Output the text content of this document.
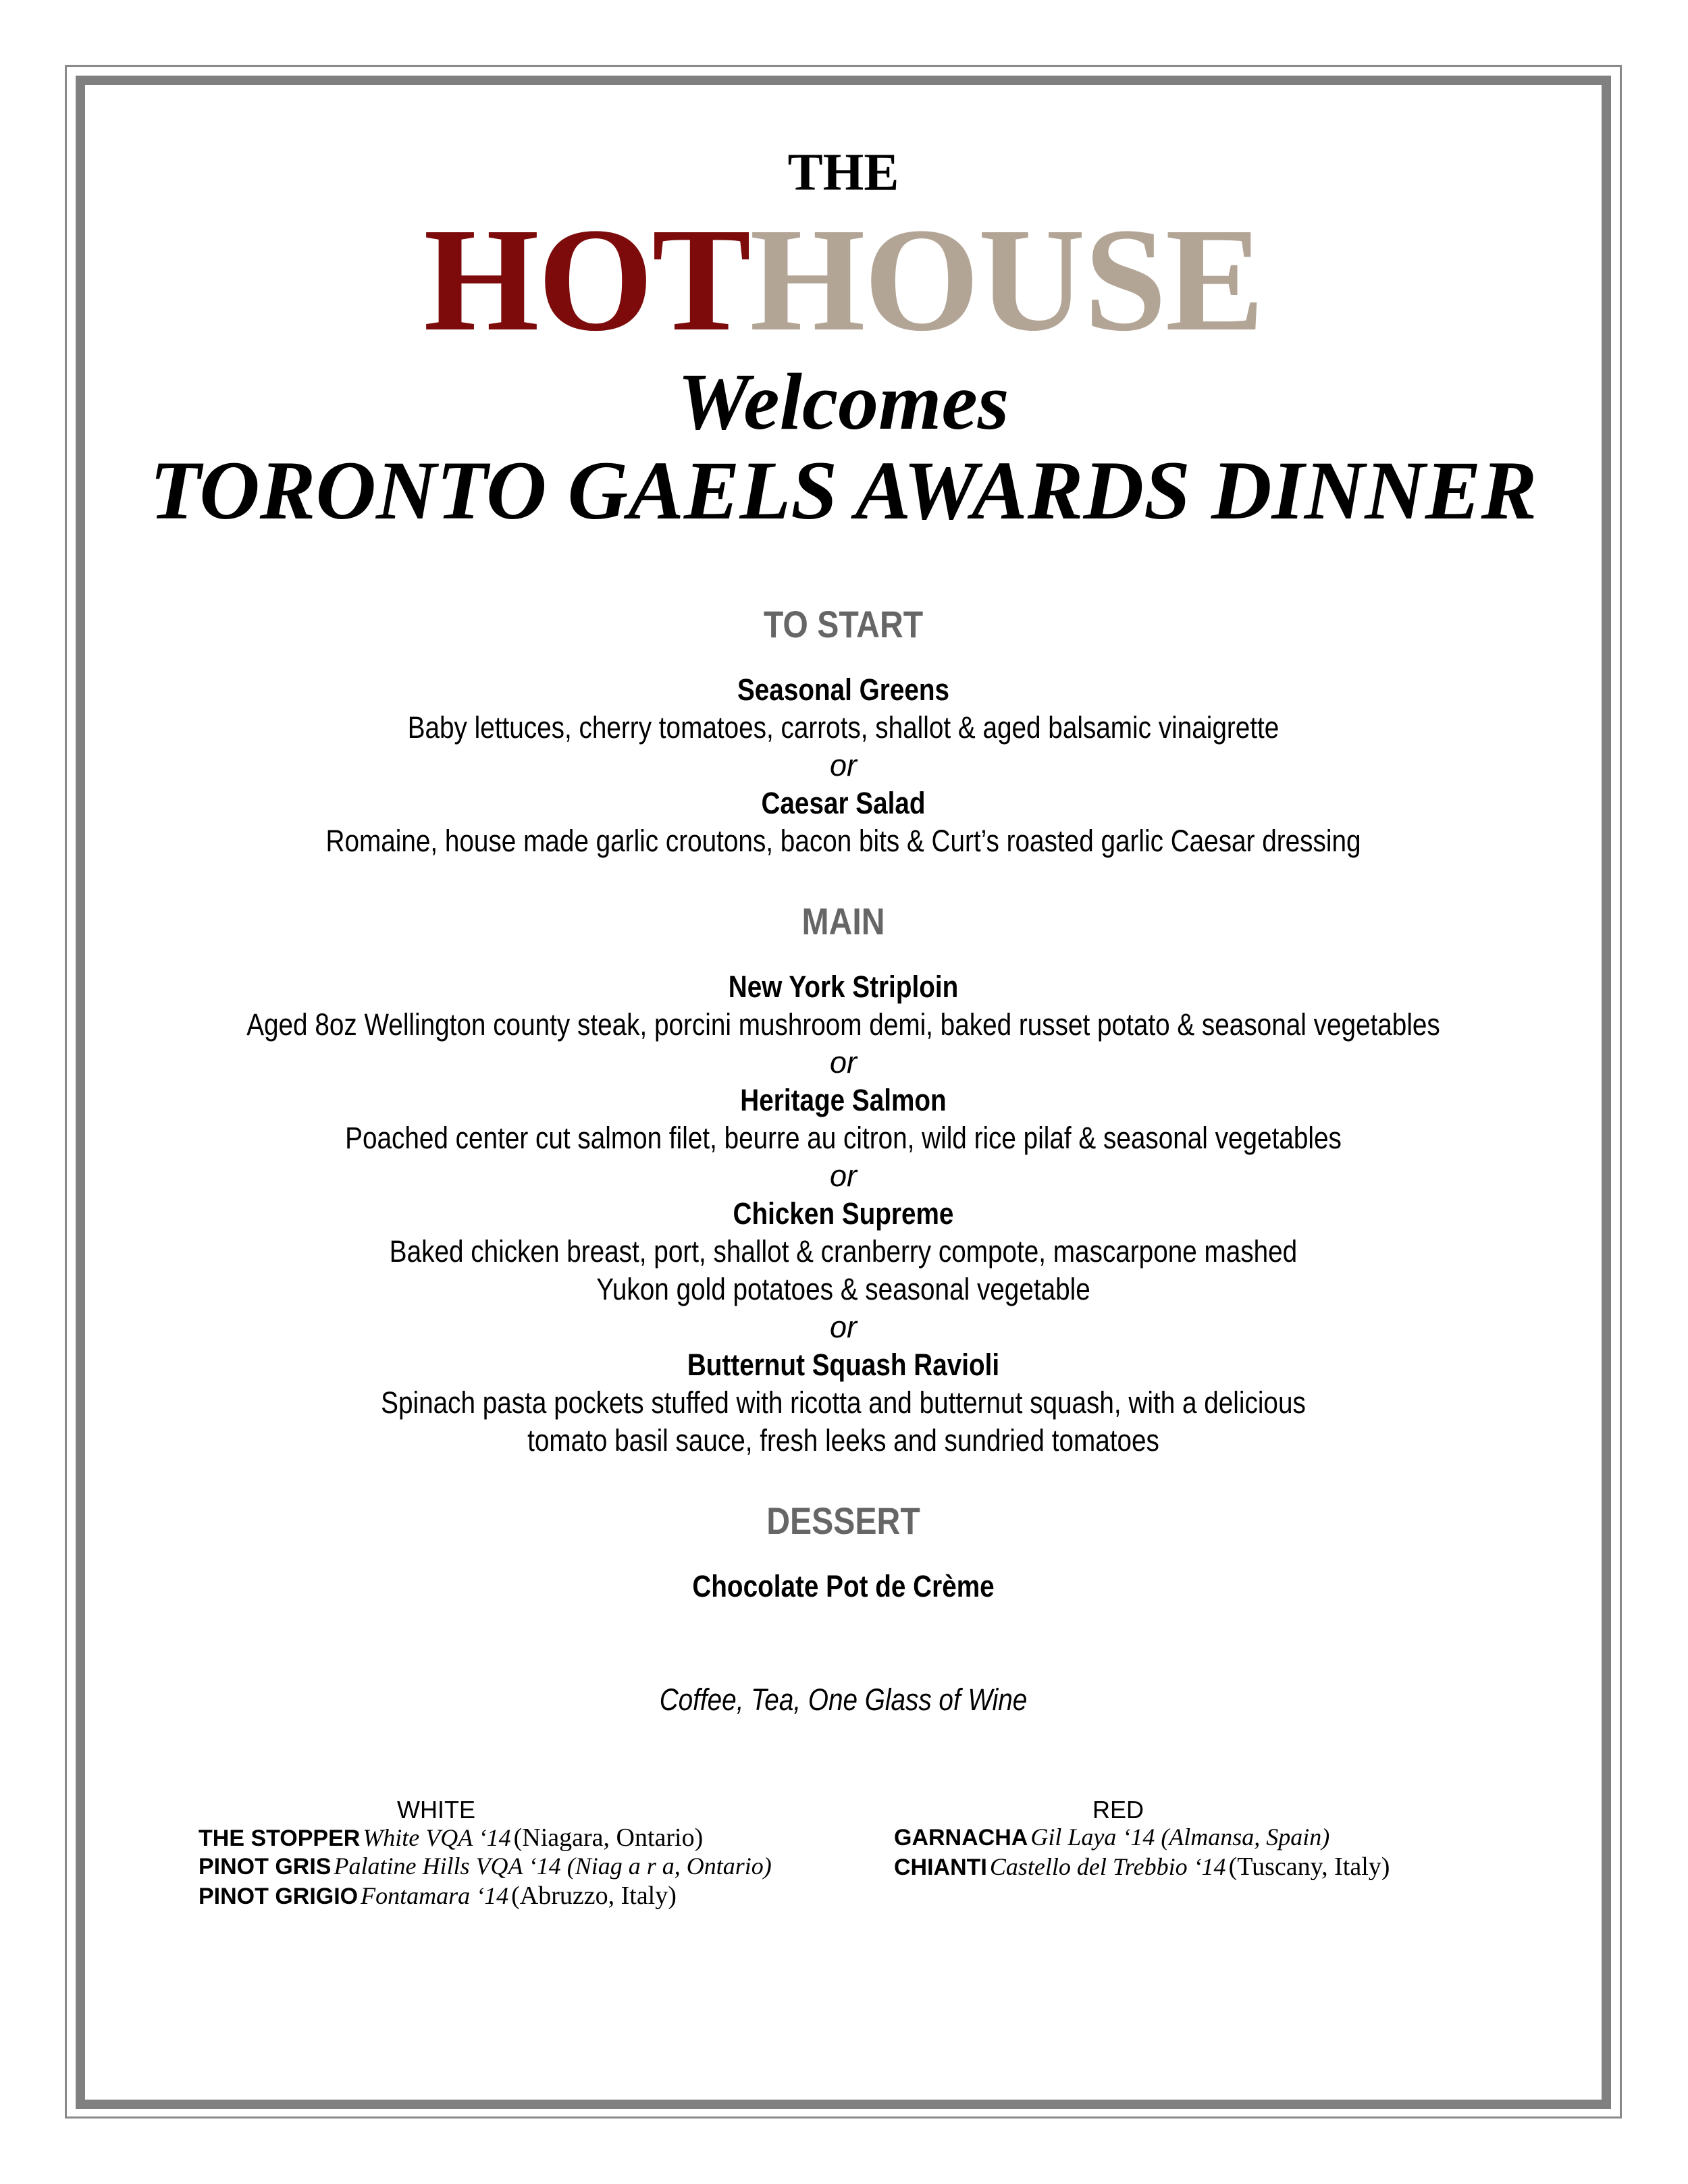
THE
HOTHOUSE
Welcomes
TORONTO GAELS AWARDS DINNER
TO START
Seasonal Greens
Baby lettuces, cherry tomatoes, carrots, shallot & aged balsamic vinaigrette
or
Caesar Salad
Romaine, house made garlic croutons, bacon bits & Curt’s roasted garlic Caesar dressing
MAIN
New York Striploin
Aged 8oz Wellington county steak, porcini mushroom demi, baked russet potato & seasonal vegetables
or
Heritage Salmon
Poached center cut salmon filet, beurre au citron, wild rice pilaf & seasonal vegetables
or
Chicken Supreme
Baked chicken breast, port, shallot & cranberry compote, mascarpone mashed
Yukon gold potatoes & seasonal vegetable
or
Butternut Squash Ravioli
Spinach pasta pockets stuffed with ricotta and butternut squash, with a delicious
tomato basil sauce, fresh leeks and sundried tomatoes
DESSERT
Chocolate Pot de Crème
Coffee, Tea, One Glass of Wine
WHITE
THE STOPPER White VQA ‘14 (Niagara, Ontario)
PINOT GRIS Palatine Hills VQA ‘14 (Niag a r a, Ontario)
PINOT GRIGIO Fontamara ‘14 (Abruzzo, Italy)
RED
GARNACHA Gil Laya ‘14 (Almansa, Spain)
CHIANTI Castello del Trebbio ‘14 (Tuscany, Italy)
